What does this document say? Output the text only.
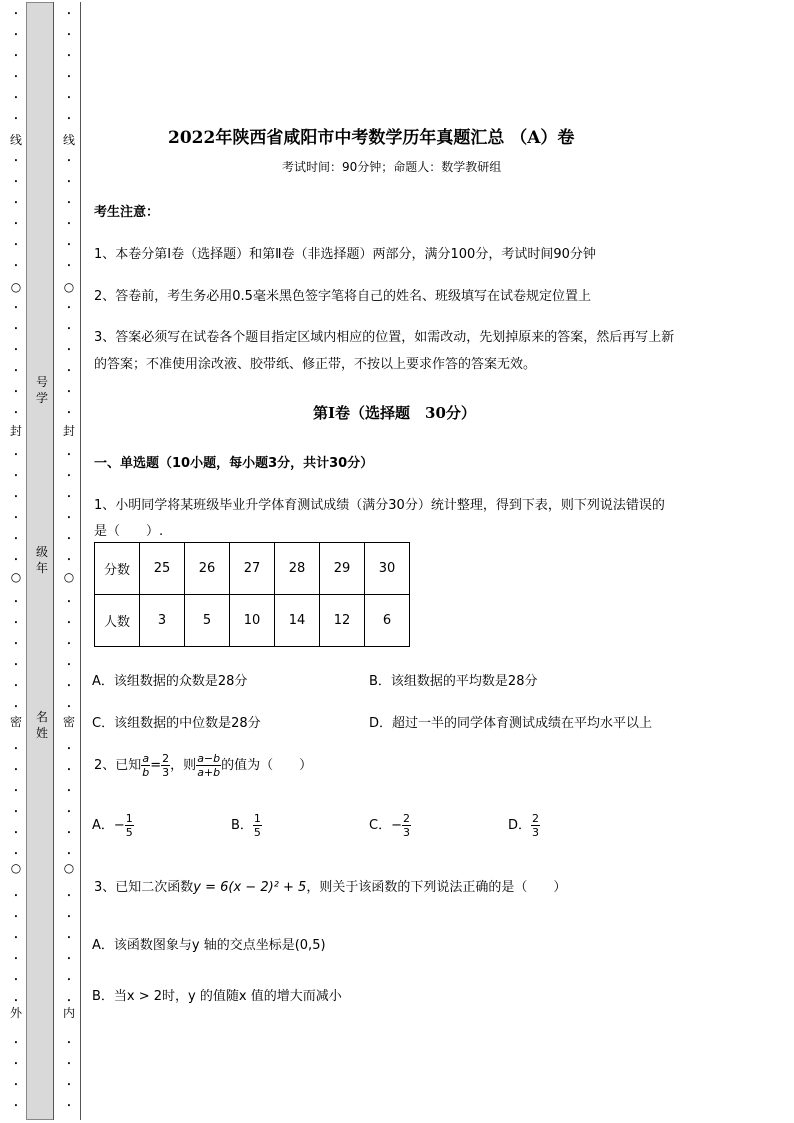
•
•
•
•
•
•
线
•
•
•
•
•
•
○
•
•
•
•
•
•
封
•
•
•
•
•
•
○
•
•
•
•
•
•
密
•
•
•
•
•
•
○
•
•
•
•
•
•
外
•
•
•
•
•
•
•
•
•
•
线
•
•
•
•
•
•
○
•
•
•
•
•
•
封
•
•
•
•
•
•
○
•
•
•
•
•
•
密
•
•
•
•
•
•
○
•
•
•
•
•
•
内
•
•
•
•
号
学
级
年
名
姓
2022年陕西省咸阳市中考数学历年真题汇总 （A）卷
考试时间：90分钟；命题人：数学教研组
考生注意：
1、本卷分第I卷（选择题）和第Ⅱ卷（非选择题）两部分，满分100分，考试时间90分钟
2、答卷前，考生务必用0.5毫米黑色签字笔将自己的姓名、班级填写在试卷规定位置上
3、答案必须写在试卷各个题目指定区域内相应的位置，如需改动，先划掉原来的答案，然后再写上新
的答案；不准使用涂改液、胶带纸、修正带，不按以上要求作答的答案无效。
第I卷（选择题　30分）
一、单选题（10小题，每小题3分，共计30分）
1、小明同学将某班级毕业升学体育测试成绩（满分30分）统计整理，得到下表，则下列说法错误的
是（　　）.
分数	25	26	27	28	29	30
人数	3	5	10	14	12	6
A．该组数据的众数是28分	B．该组数据的平均数是28分
C．该组数据的中位数是28分	D．超过一半的同学体育测试成绩在平均水平以上
2、已知 $\frac{a}{b} = \frac{2}{3}$ ，则 $\frac{a-b}{a+b}$ 的值为（　　）
A．− $\frac{1}{5}$	B． $\frac{1}{5}$	C．− $\frac{2}{3}$	D． $\frac{2}{3}$
3、已知二次函数y = 6(x − 2)² + 5，则关于该函数的下列说法正确的是（　　）
A．该函数图象与y 轴的交点坐标是(0,5)
B．当x > 2时，y 的值随x 值的增大而减小
